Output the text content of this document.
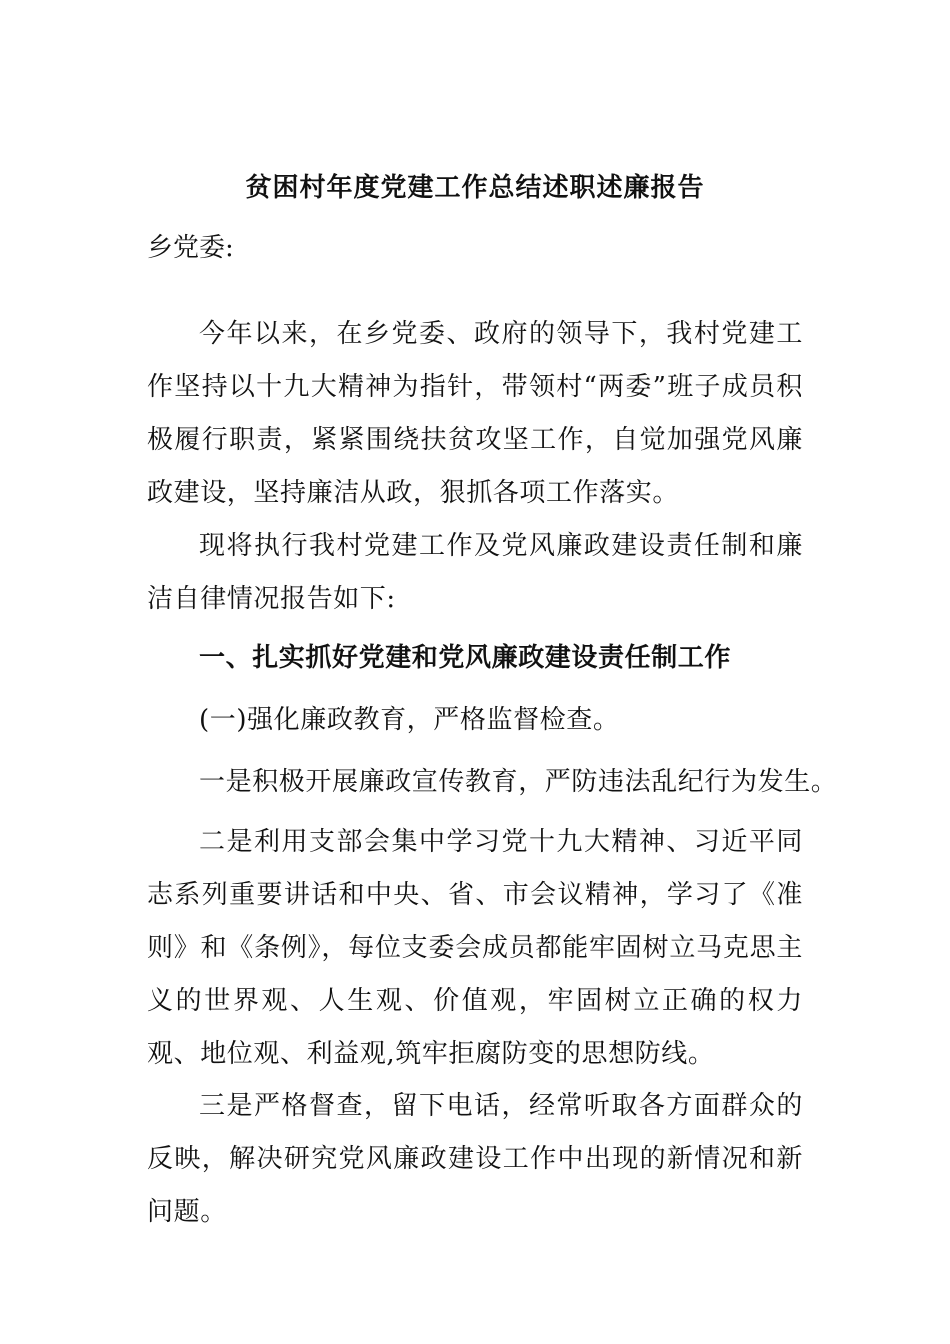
贫困村年度党建工作总结述职述廉报告
乡党委:

今年以来，在乡党委、政府的领导下，我村党建工作坚持以十九大精神为指针，带领村“两委”班子成员积极履行职责，紧紧围绕扶贫攻坚工作，自觉加强党风廉政建设，坚持廉洁从政，狠抓各项工作落实。

现将执行我村党建工作及党风廉政建设责任制和廉洁自律情况报告如下:

一、扎实抓好党建和党风廉政建设责任制工作
(一)强化廉政教育，严格监督检查。
一是积极开展廉政宣传教育，严防违法乱纪行为发生。

二是利用支部会集中学习党十九大精神、习近平同志系列重要讲话和中央、省、市会议精神，学习了《准则》和《条例》，每位支委会成员都能牢固树立马克思主义的世界观、人生观、价值观，牢固树立正确的权力观、地位观、利益观,筑牢拒腐防变的思想防线。

三是严格督查，留下电话，经常听取各方面群众的反映，解决研究党风廉政建设工作中出现的新情况和新问题。
